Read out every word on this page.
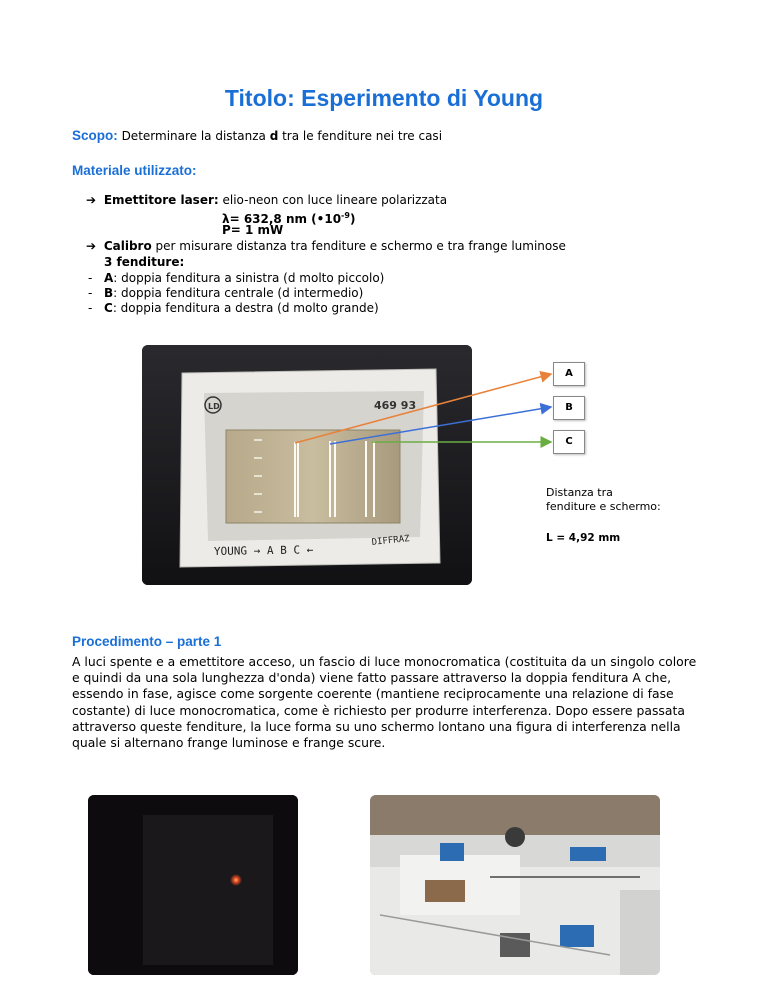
Titolo: Esperimento di Young
Scopo: Determinare la distanza d tra le fenditure nei tre casi
Materiale utilizzato:
➔ Emettitore laser: elio-neon con luce lineare polarizzata
λ= 632,8 nm $(•10^{-9})$
P= 1 mW
➔ Calibro per misurare distanza tra fenditure e schermo e tra frange luminose
3 fenditure:
- A: doppia fenditura a sinistra (d molto piccolo)
- B: doppia fenditura centrale (d intermedio)
- C: doppia fenditura a destra (d molto grande)
LD	469 93
YOUNG → A B C ←
DIFFRAZ
A
B
C
Distanza tra fenditure e schermo:
L = 4,92 mm
Procedimento – parte 1
A luci spente e a emettitore acceso, un fascio di luce monocromatica (costituita da un singolo colore e quindi da una sola lunghezza d'onda) viene fatto passare attraverso la doppia fenditura A che, essendo in fase, agisce come sorgente coerente (mantiene reciprocamente una relazione di fase costante) di luce monocromatica, come è richiesto per produrre interferenza. Dopo essere passata attraverso queste fenditure, la luce forma su uno schermo lontano una figura di interferenza nella quale si alternano frange luminose e frange scure.
